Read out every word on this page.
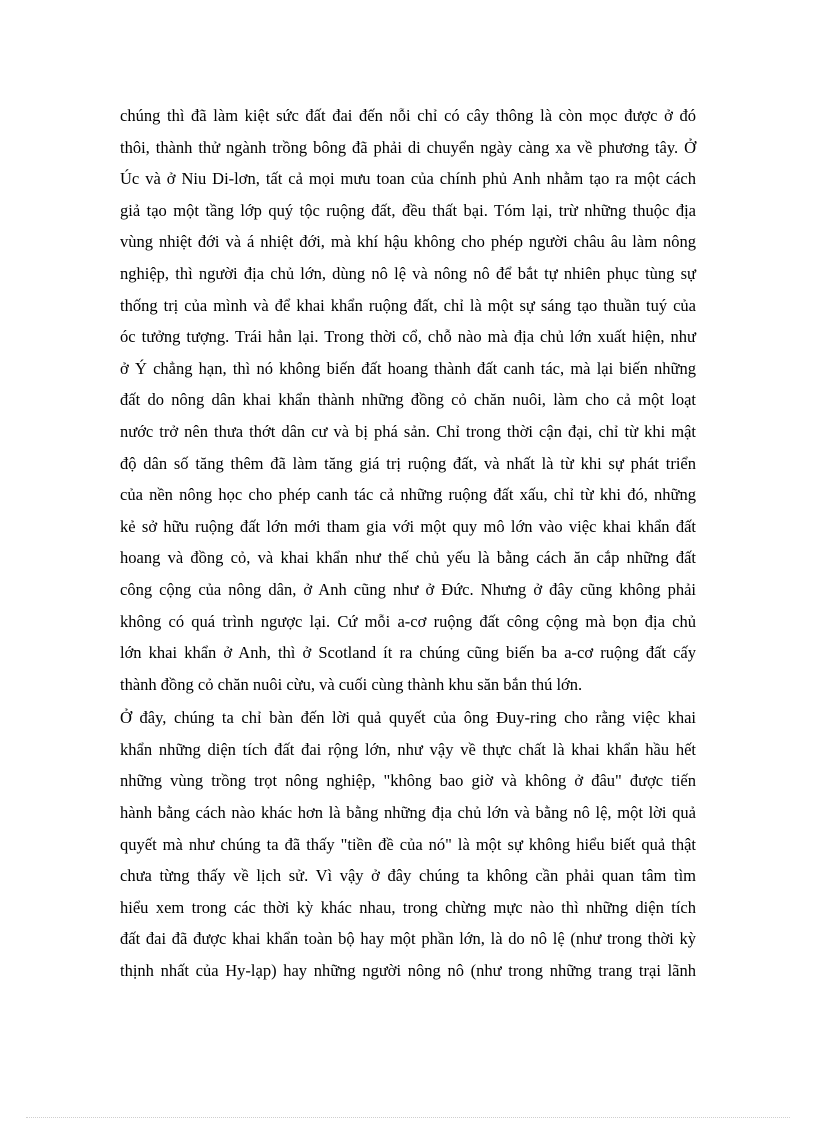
chúng thì đã làm kiệt sức đất đai đến nỗi chỉ có cây thông là còn mọc được ở đó
thôi, thành thử ngành trồng bông đã phải di chuyển ngày càng xa về phương tây. Ở
Úc và ở Niu Di-lơn, tất cả mọi mưu toan của chính phủ Anh nhằm tạo ra một cách
giả tạo một tầng lớp quý tộc ruộng đất, đều thất bại. Tóm lại, trừ những thuộc địa
vùng nhiệt đới và á nhiệt đới, mà khí hậu không cho phép người châu âu làm nông
nghiệp, thì người địa chủ lớn, dùng nô lệ và nông nô để bắt tự nhiên phục tùng sự
thống trị của mình và để khai khẩn ruộng đất, chỉ là một sự sáng tạo thuần tuý của
óc tưởng tượng. Trái hẳn lại. Trong thời cổ, chỗ nào mà địa chủ lớn xuất hiện, như
ở Ý chẳng hạn, thì nó không biến đất hoang thành đất canh tác, mà lại biến những
đất do nông dân khai khẩn thành những đồng cỏ chăn nuôi, làm cho cả một loạt
nước trở nên thưa thớt dân cư và bị phá sản. Chỉ trong thời cận đại, chỉ từ khi mật
độ dân số tăng thêm đã làm tăng giá trị ruộng đất, và nhất là từ khi sự phát triển
của nền nông học cho phép canh tác cả những ruộng đất xấu, chỉ từ khi đó, những
kẻ sở hữu ruộng đất lớn mới tham gia với một quy mô lớn vào việc khai khẩn đất
hoang và đồng cỏ, và khai khẩn như thế chủ yếu là bằng cách ăn cắp những đất
công cộng của nông dân, ở Anh cũng như ở Đức. Nhưng ở đây cũng không phải
không có quá trình ngược lại. Cứ mỗi a-cơ ruộng đất công cộng mà bọn địa chủ
lớn khai khẩn ở Anh, thì ở Scotland ít ra chúng cũng biến ba a-cơ ruộng đất cấy
thành đồng cỏ chăn nuôi cừu, và cuối cùng thành khu săn bắn thú lớn.
Ở đây, chúng ta chỉ bàn đến lời quả quyết của ông Đuy-ring cho rằng việc khai
khẩn những diện tích đất đai rộng lớn, như vậy về thực chất là khai khẩn hầu hết
những vùng trồng trọt nông nghiệp, "không bao giờ và không ở đâu" được tiến
hành bằng cách nào khác hơn là bằng những địa chủ lớn và bằng nô lệ, một lời quả
quyết mà như chúng ta đã thấy "tiền đề của nó" là một sự không hiểu biết quả thật
chưa từng thấy về lịch sử. Vì vậy ở đây chúng ta không cần phải quan tâm tìm
hiểu xem trong các thời kỳ khác nhau, trong chừng mực nào thì những diện tích
đất đai đã được khai khẩn toàn bộ hay một phần lớn, là do nô lệ (như trong thời kỳ
thịnh nhất của Hy-lạp) hay những người nông nô (như trong những trang trại lãnh
